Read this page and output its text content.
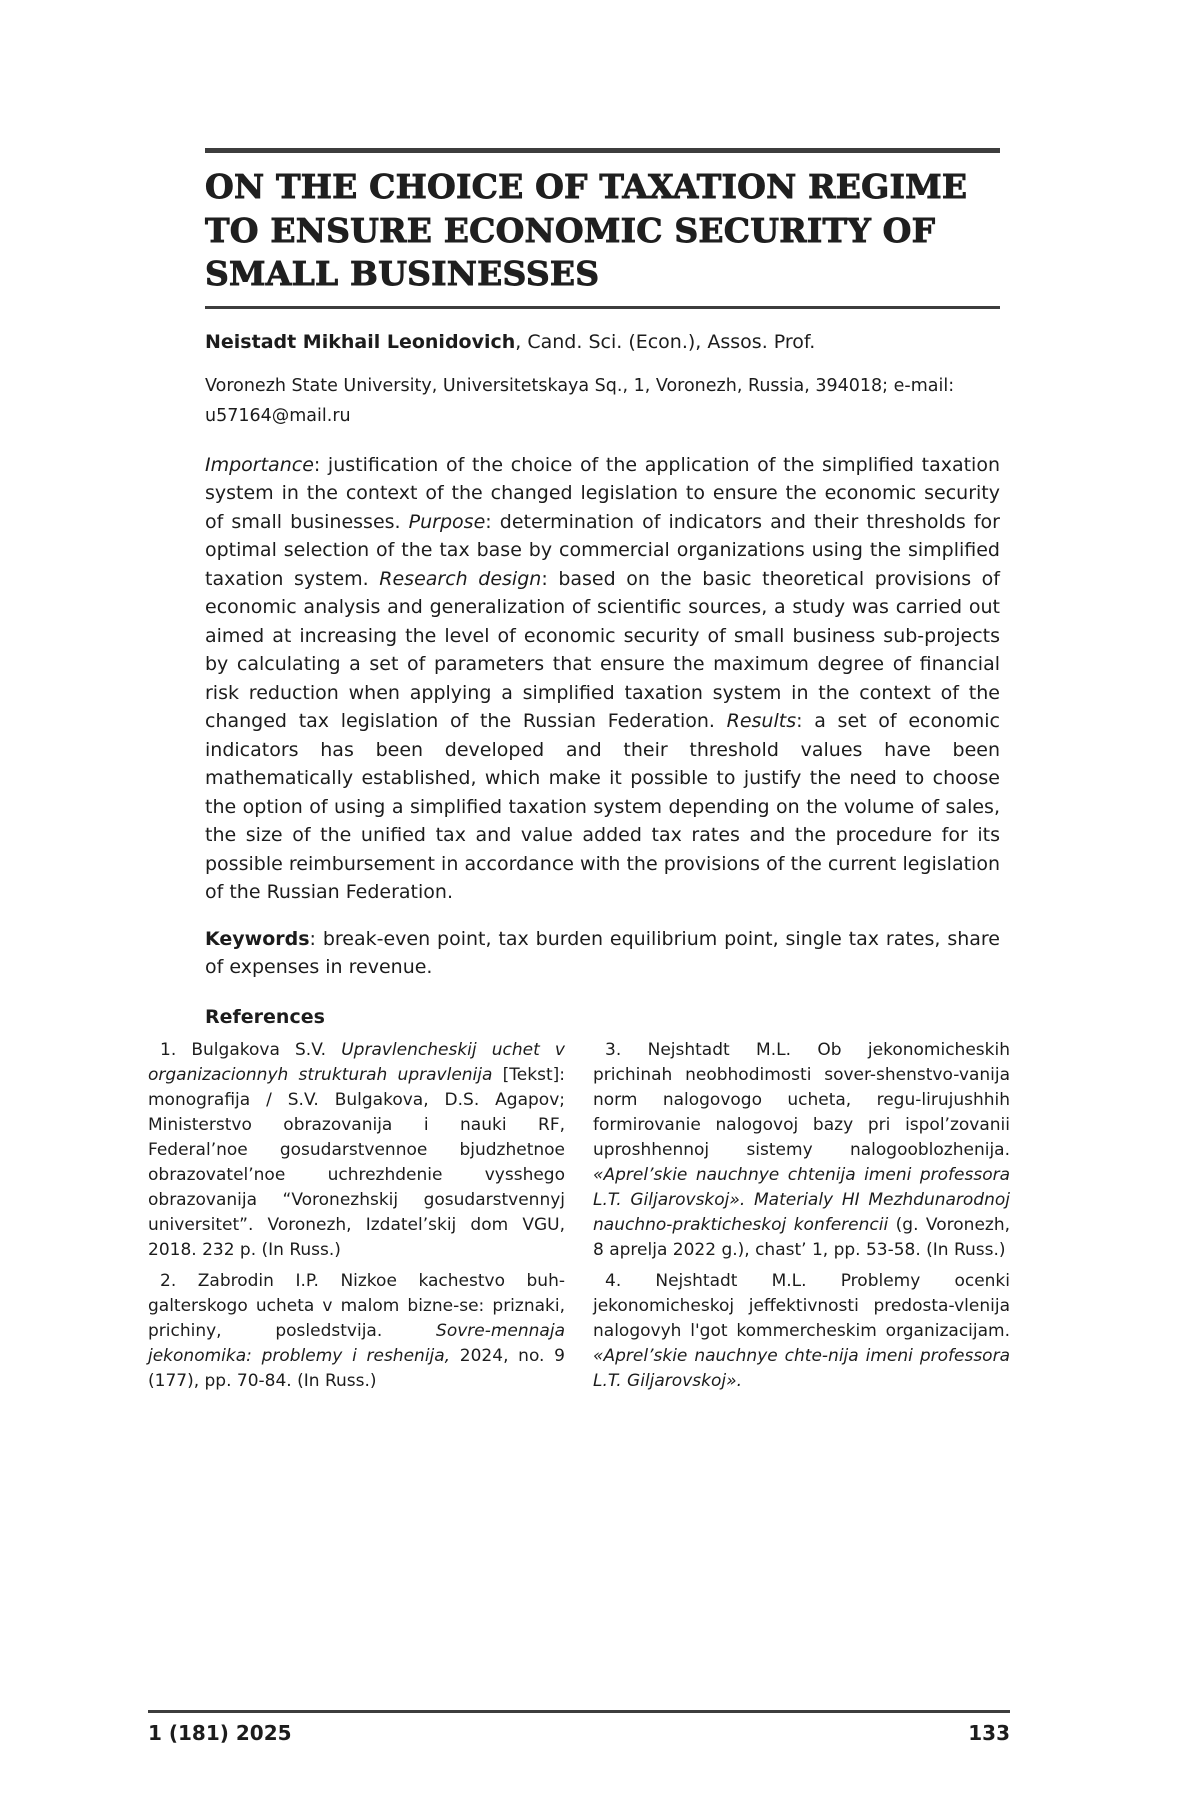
ON THE CHOICE OF TAXATION REGIME TO ENSURE ECONOMIC SECURITY OF SMALL BUSINESSES

Neistadt Mikhail Leonidovich, Cand. Sci. (Econ.), Assos. Prof.

Voronezh State University, Universitetskaya Sq., 1, Voronezh, Russia, 394018; e-mail: u57164@mail.ru

Importance: justification of the choice of the application of the simplified taxation system in the context of the changed legislation to ensure the economic security of small businesses. Purpose: determination of indicators and their thresholds for optimal selection of the tax base by commercial organizations using the simplified taxation system. Research design: based on the basic theoretical provisions of economic analysis and generalization of scientific sources, a study was carried out aimed at increasing the level of economic security of small business sub-projects by calculating a set of parameters that ensure the maximum degree of financial risk reduction when applying a simplified taxation system in the context of the changed tax legislation of the Russian Federation. Results: a set of economic indicators has been developed and their threshold values have been mathematically established, which make it possible to justify the need to choose the option of using a simplified taxation system depending on the volume of sales, the size of the unified tax and value added tax rates and the procedure for its possible reimbursement in accordance with the provisions of the current legislation of the Russian Federation.

Keywords: break-even point, tax burden equilibrium point, single tax rates, share of expenses in revenue.

References

1. Bulgakova S.V. Upravlencheskij uchet v organizacionnyh strukturah upravlenija [Tekst]: monografija / S.V. Bulgakova, D.S. Agapov; Ministerstvo obrazovanija i nauki RF, Federal’noe gosudarstvennoe bjudzhetnoe obrazovatel’noe uchrezhdenie vysshego obrazovanija “Voronezhskij gosudarstvennyj universitet”. Voronezh, Izdatel’skij dom VGU, 2018. 232 p. (In Russ.)

2. Zabrodin I.P. Nizkoe kachestvo buh-galterskogo ucheta v malom bizne-se: priznaki, prichiny, posledstvija. Sovre-mennaja jekonomika: problemy i reshenija, 2024, no. 9 (177), pp. 70-84. (In Russ.)

3. Nejshtadt M.L. Ob jekonomicheskih prichinah neobhodimosti sover-shenstvo-vanija norm nalogovogo ucheta, regu-lirujushhih formirovanie nalogovoj bazy pri ispol’zovanii uproshhennoj sistemy nalogooblozhenija. «Aprel’skie nauchnye chtenija imeni professora L.T. Giljarovskoj». Materialy HI Mezhdunarodnoj nauchno-prakticheskoj konferencii (g. Voronezh, 8 aprelja 2022 g.), chast’ 1, pp. 53-58. (In Russ.)

4. Nejshtadt M.L. Problemy ocenki jekonomicheskoj jeffektivnosti predosta-vlenija nalogovyh l'got kommercheskim organizacijam. «Aprel’skie nauchnye chte-nija imeni professora L.T. Giljarovskoj».

1 (181) 2025	133
